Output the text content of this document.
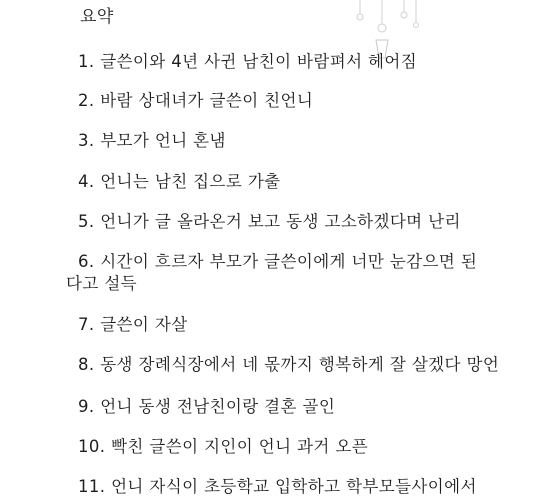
요약
1. 글쓴이와 4년 사귄 남친이 바람펴서 헤어짐
2. 바람 상대녀가 글쓴이 친언니
3. 부모가 언니 혼냄
4. 언니는 남친 집으로 가출
5. 언니가 글 올라온거 보고 동생 고소하겠다며 난리
6. 시간이 흐르자 부모가 글쓴이에게 너만 눈감으면 된
다고 설득
7. 글쓴이 자살
8. 동생 장례식장에서 네 몫까지 행복하게 잘 살겠다 망언
9. 언니 동생 전남친이랑 결혼 골인
10. 빡친 글쓴이 지인이 언니 과거 오픈
11. 언니 자식이 초등학교 입학하고 학부모들사이에서
